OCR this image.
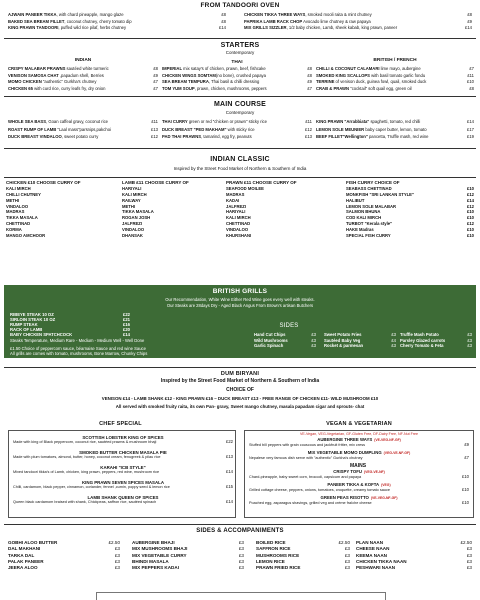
FROM TANDOORI OVEN
AJWAIN PANEER TIKKA, with chard pineapple, mango glaze	£8
BAKED SEA BREAM FILLET, coconut chutney, cherry tomato dip	£8
KING PRAWN TANDOORI, puffed wild rice pilaf, herbs chutney	£14
CHICKEN TIKKA THREE WAYS, smoked mooli raita & mint chutney	£8
PAPRIKA LAMB RACK CHOP Avocado lime chutney & raw papaya	£9
MIX GRILLS SIZZLER, 1/2 baby chicken, Lamb, sheek kabab, king prawn, paneer	£14
STARTERS
Contemporary
INDIAN	THAI	BRITISH / FRENCH
CRISPY MALABAR PRAWNS sautéed white turmeric	£8
VENISON SAMOSA CHAT ,papadum shell, Berries	£9
MOMO CHICKEN "authentic" Gurkha's chutney	£7
CHICKEN 65 with curd rice, curry leafs fry, dry onion	£7
IMPERIAL mix satay's of chicken, prawn, beef, fishcake	£8
CHICKEN WINGS SOMTAM(no bone), crushed papaya	£8
SEA BREAM TEMPURA, Thai basil & chilli dressing	£9
TOM YUM SOUP, prawn, chicken, mushrooms, peppers	£7
CHILLI & COCONUT CALAMARI lime mayo, aubergine	£7
SMOKED KING SCALLOPS with basil tomato garlic fondu	£11
TERRINE of venison duck, guinea fowl, quail, smoked duck	£10
CRAB & PRAWN "cocktail" soft quail egg, green oil	£8
MAIN COURSE
Contemporary
WHOLE SEA BASS, Goan caffeal gravy, coconut rice	£11
ROAST RUMP OF LAMB "Laal mass"parsnips,pakchoi	£13
DUCK BREAST VINDALOO, sweet potato curry	£12
THAI CURRY green or red "chicken or prawn" sticky rice	£11
DUCK BREAST "PED MAKHAM" with sticky rice	£12
PAD THAI PRAWNS, tamarind, egg fry, peanuts	£13
KING PRAWN "Arrabbiata" spaghetti, tomato, red chilli	£14
LEMON SOLE MEUNIER baby caper butter, lemon, tomato	£17
BEEF FILLET"Wellington" pancetta, Truffle mash, red wine	£19
INDIAN CLASSIC
Inspired by the Street Food Market of Northern & Southern of India
CHICKEN £10 CHOOSE CURRY OF
KALI MIRCH
CHILLI CHUTNEY
METHI
VINDALOO
MADRAS
TIKKA MASALA
CHETTINAD
KORMA
MANGO AMCHOOR
LAMB £11 CHOOSE CURRY OF
HARIYALI
KALI MIRCH
RAILWAY
METHI
TIKKA MASALA
ROGAN JOSH
JALFREZI
VINDALOO
DHANSAK
PRAWN £11 CHOOSE CURRY OF
SEAFOOD MOILEE
MADRAS
KADAI
JALFREZI
HARIYALI
KALI MIRCH
CHETTINAD
VINDALOO
KHURSHANI
FISH CURRY CHOICE OF
SEABASS CHETTINAD	£10
MONKFISH "SRI LANKAN STYLE"	£12
HALIBUT	£14
LEMON SOLE MALABAR	£12
SALMON BHUNA	£10
COD KALI MIRCH	£10
TURBOT "Kerala style"	£12
HAKE Madras	£10
SPECIAL FISH CURRY	£10
BRITISH GRILLS
Our Recommendation, White Wine Either Red Wine goes every well with steaks.
Our Steaks are 28days Dry - Aged Black Angus From Brown's artisan Butchers
RIBEYE STEAK 10 OZ	£22
SIRLOIN STEAK 10 OZ	£21
RUMP STEAK	£16
RACK OF LAMB	£20
BABY CHICKEN SPATCHCOCK	£14
Steaks Temperature, Medium Rare - Medium - Medium Well - Well Done
£1.50 Choice of peppercorn sauce, béarnaise Sauce and red wine Sauce
All grills are comes with tomato, mushrooms, Bone Marrow, Chunky Chips
SIDES
Hand Cut Chips	£3
Wild Mushrooms	£3
Garlic Spinach	£3
Sweet Potato Fries	£3
Sautéed Baby Veg	£4
Rocket & parmesan	£3
Truffle Mash Potato	£3
Parsley Glazed carrots	£3
Cherry Tomato & Feta	£3
DUM BIRYANI
Inspired by the Street Food Market of Northern & Southern of India
CHOICE OF
VENISON £14 - LAMB SHANK £12 - KING PRAWN £16 – DUCK BREAST £13 - FREE RANGE OF CHICKEN £11- WILD MUSHROOM £10
All served with smoked fruity raita, its own Pan- gravy, Sweet mango chutney, masala papadam cigar and sprouts- chat
CHEF SPECIAL
SCOTTISH LOBSTER KING OF SPICES
Made with king of Black peppercorn, coconut rice, sautéed prawns & mushroom bhaji	£22
SMOKED BUTTER CHICKEN MASALA PIE
Made with plum tomatoes, almond, butter, honey, coconut cream, fenugreek & pilau rice	£13
KARAHI "ICB STYLE"
Mixed tandoori tikka's of Lamb, chicken, king prawn, peppers, red wine, mushroom rice	£14
KING PRAWN SEVEN SPICES MASALA
Chilli, cardamom, black pepper, cinnamon, coriander, fennel ,cumin, poppy seed & lemon rice	£15
LAMB SHANK QUEEN OF SPICES
Queen black cardamom braised with shank, Chickpeas, saffron rice, sautéed spinach	£14
VEGAN & VEGETARIAN
VE-Vegan, VEG-Vegetarian, GF-Gluten Free, DF-Dairy Free, NF-Nut Free
AUBERGINE THREE WAYS (VE-VEG-NF-GF)
Stuffed bill peppers with grain couscous and jackfruit fritter, mix cress	£9
MIX VEGETABLE MOMO DUMPLING (VEG-VE-NF-GF)
Nepalese very famous dish serve with "authentic" Gurkha's chutney	£7
MAINS
CRISPY TOFU (VEG-VE-NF)
Chard-pineapple, baby sweet corn, broccoli, capsicum and papaya	£10
PANEER TIKKA & KOFTA (VEG)
Grilled cottage cheese, peppers, onions, tomatoes, croquette, creamy tomato sauce	£10
GREEN PEAS RISOTTO (VE-VEG-NF-GF)
Poached egg, asparagus shavings, grilled veg and crème fraîche cheese	£10
SIDES & ACCOMPANIMENTS
GOBHI ALOO BUTTER	£2.50
DAL MAKHANI	£3
TARKA DAL	£3
PALAK PANEER	£3
JEERA ALOO	£3
AUBERGINE BHAJI	£3
MIX MUSHROOMS BHAJI	£3
MIX VEGETABLE CURRY	£3
BHINDI MASALA	£3
MIX PEPPERS KADAI	£3
BOILED RICE	£2.50
SAFFRON RICE	£3
MUSHROOMS RICE	£3
LEMON RICE	£3
PRAWN FRIED RICE	£3
PLAN NAAN	£2.50
CHEESE NAAN	£3
KEEMA NAAN	£3
CHICKEN TIKKA NAAN	£3
PESHWARI NAAN	£3
